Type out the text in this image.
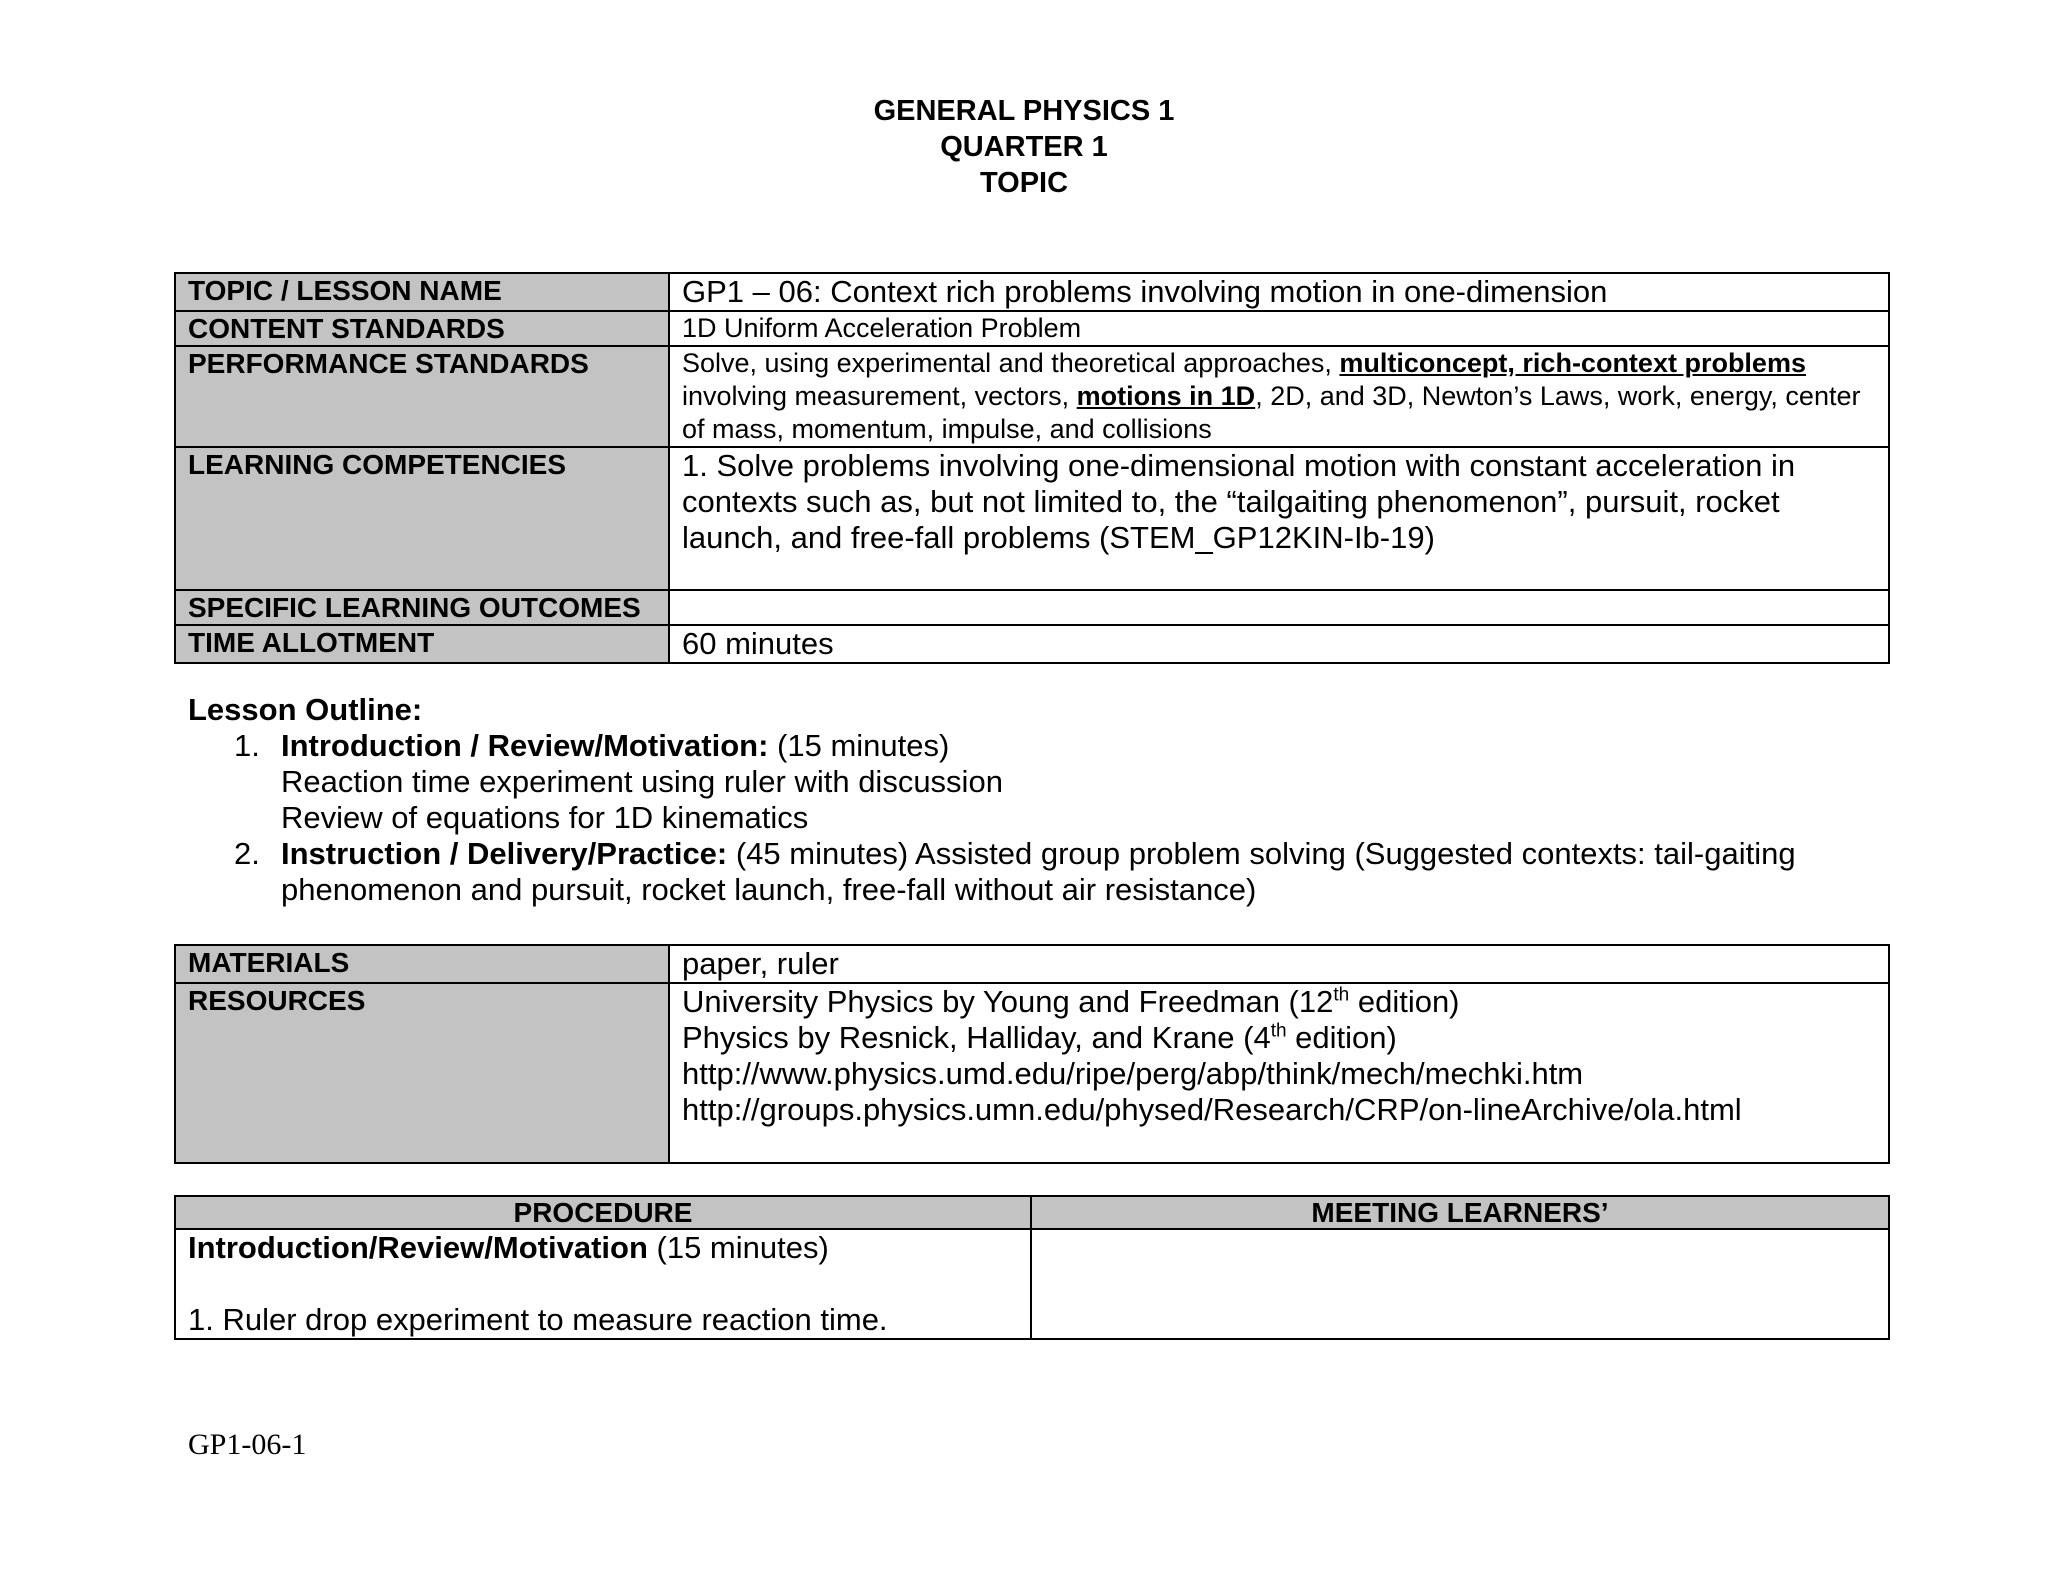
GENERAL PHYSICS 1
QUARTER 1
TOPIC
TOPIC / LESSON NAME	GP1 – 06: Context rich problems involving motion in one-dimension
CONTENT STANDARDS	1D Uniform Acceleration Problem
PERFORMANCE STANDARDS	Solve, using experimental and theoretical approaches, multiconcept, rich-context problems involving measurement, vectors, motions in 1D, 2D, and 3D, Newton’s Laws, work, energy, center of mass, momentum, impulse, and collisions
LEARNING COMPETENCIES	1. Solve problems involving one-dimensional motion with constant acceleration in contexts such as, but not limited to, the “tailgaiting phenomenon”, pursuit, rocket launch, and free-fall problems (STEM_GP12KIN-Ib-19)
SPECIFIC LEARNING OUTCOMES	
TIME ALLOTMENT	60 minutes
Lesson Outline:
1. Introduction / Review/Motivation: (15 minutes)
Reaction time experiment using ruler with discussion
Review of equations for 1D kinematics
2. Instruction / Delivery/Practice: (45 minutes) Assisted group problem solving (Suggested contexts: tail-gaiting phenomenon and pursuit, rocket launch, free-fall without air resistance)
MATERIALS	paper, ruler
RESOURCES	University Physics by Young and Freedman (12th edition)
Physics by Resnick, Halliday, and Krane (4th edition)
http://www.physics.umd.edu/ripe/perg/abp/think/mech/mechki.htm
http://groups.physics.umn.edu/physed/Research/CRP/on-lineArchive/ola.html
PROCEDURE	MEETING LEARNERS’

Introduction/Review/Motivation (15 minutes)
1. Ruler drop experiment to measure reaction time.	

GP1-06-1
